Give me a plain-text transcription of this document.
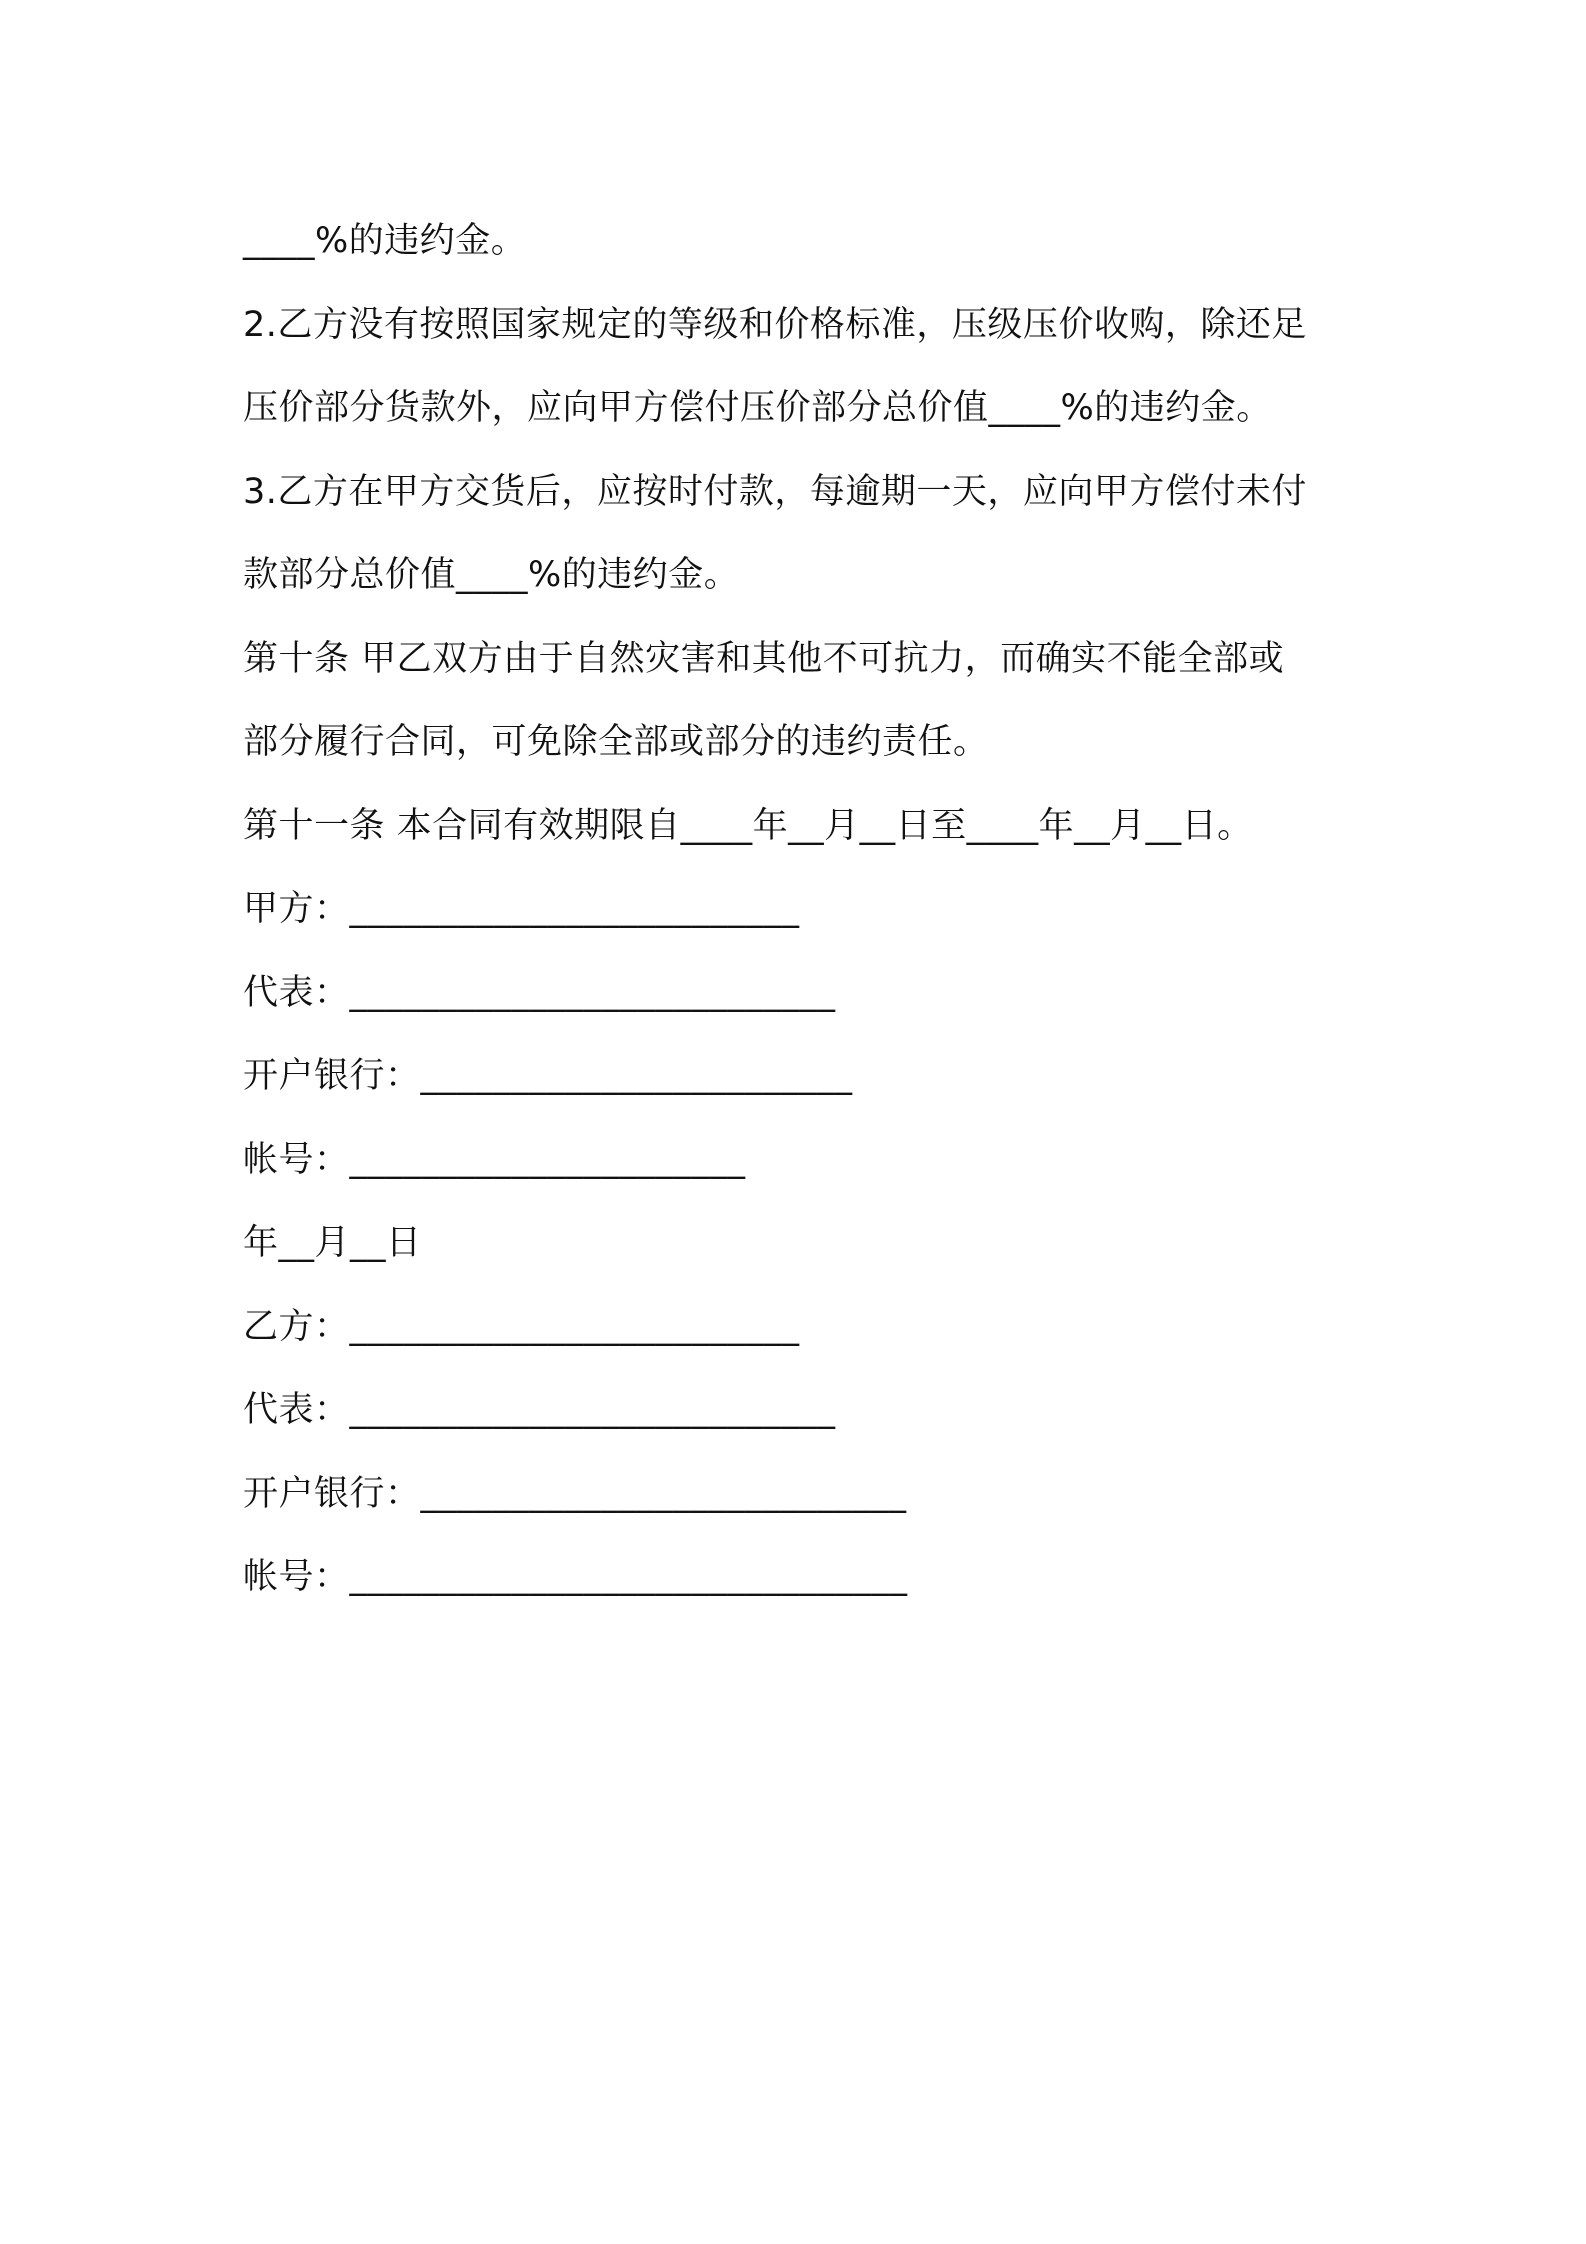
____%的违约金。
2.乙方没有按照国家规定的等级和价格标准，压级压价收购，除还足
压价部分货款外，应向甲方偿付压价部分总价值____%的违约金。
3.乙方在甲方交货后，应按时付款，每逾期一天，应向甲方偿付未付
款部分总价值____%的违约金。
第十条 甲乙双方由于自然灾害和其他不可抗力，而确实不能全部或
部分履行合同，可免除全部或部分的违约责任。
第十一条 本合同有效期限自____年__月__日至____年__月__日。
甲方：_________________________
代表：___________________________
开户银行：________________________
帐号：______________________
年__月__日
乙方：_________________________
代表：___________________________
开户银行：___________________________
帐号：_______________________________
